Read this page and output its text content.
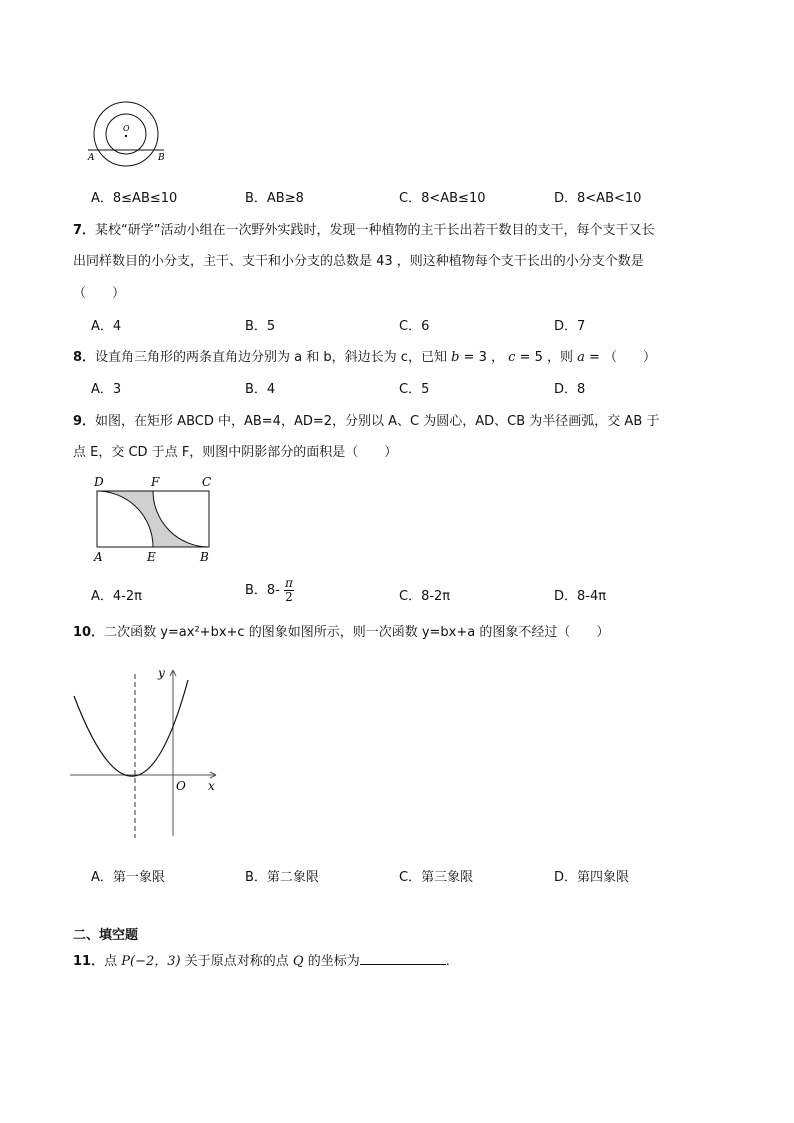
O
A	B
A．8≤AB≤10	B．AB≥8	C．8<AB≤10	D．8<AB<10
7．某校“研学”活动小组在一次野外实践时，发现一种植物的主干长出若干数目的支干，每个支干又长
出同样数目的小分支，主干、支干和小分支的总数是 43 ，则这种植物每个支干长出的小分支个数是
（　　）
A．4	B．5	C．6	D．7
8．设直角三角形的两条直角边分别为 a 和 b，斜边长为 c，已知 b = 3 ， c = 5 ，则 a = （　　）
A．3	B．4	C．5	D．8
9．如图，在矩形 ABCD 中，AB=4，AD=2，分别以 A、C 为圆心，AD、CB 为半径画弧，交 AB 于
点 E，交 CD 于点 F，则图中阴影部分的面积是（　　）
D	F	C
A	E	B
A．4-2π	B．$8- \frac{\pi}{2}$	C．8-2π	D．8-4π
10．二次函数 y=ax²+bx+c 的图象如图所示，则一次函数 y=bx+a 的图象不经过（　　）
y
x
O
A．第一象限	B．第二象限	C．第三象限	D．第四象限
二、填空题
11．点 P(−2，3) 关于原点对称的点 Q 的坐标为	．
